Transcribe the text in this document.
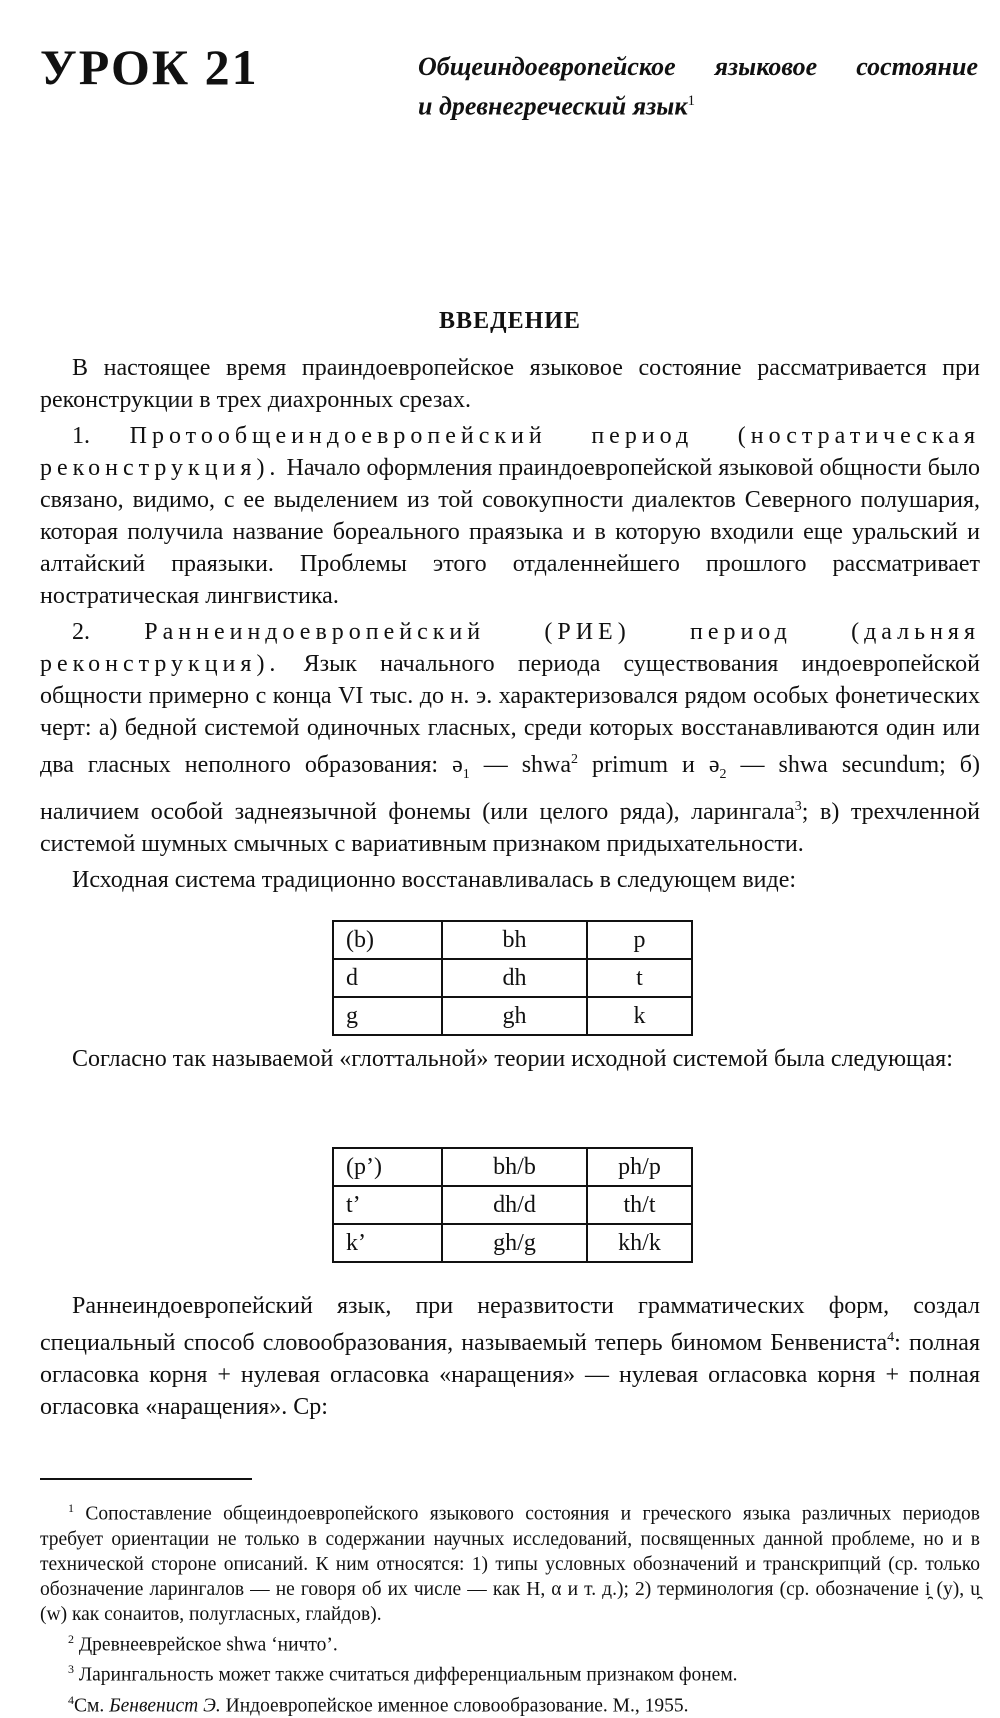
УРОК 21	Общеиндоевропейское языковое состояние
и древнегреческий язык$^1$
ВВЕДЕНИЕ

В настоящее время праиндоевропейское языковое состояние рассматривается при реконструкции в трех диахронных срезах.

1. Протообщеиндоевропейский период (ностратическая реконструкция). Начало оформления праиндоевропейской языковой общности было связано, видимо, с ее выделением из той совокупности диалектов Северного полушария, которая получила название бореального праязыка и в которую входили еще уральский и алтайский праязыки. Проблемы этого отдаленнейшего прошлого рассматривает ностратическая лингвистика.

2. Раннеиндоевропейский (РИЕ) период (дальняя реконструкция). Язык начального периода существования индоевропейской общности примерно с конца VI тыс. до н. э. характеризовался рядом особых фонетических черт: а) бедной системой одиночных гласных, среди которых восстанавливаются один или два гласных неполного образования: ə$_1$ — shwa$^2$ primum и ə$_2$ — shwa secundum; б) наличием особой заднеязычной фонемы (или целого ряда), ларингала$^3$; в) трехчленной системой шумных смычных с вариативным признаком придыхательности.

Исходная система традиционно восстанавливалась в следующем виде:

(b)	bh	p
d	dh	t
g	gh	k

Согласно так называемой «глоттальной» теории исходной системой была следующая:

(p’)	bh/b	ph/p
t’	dh/d	th/t
k’	gh/g	kh/k

Раннеиндоевропейский язык, при неразвитости грамматических форм, создал специальный способ словообразования, называемый теперь биномом Бенвениста$^4$: полная огласовка корня + нулевая огласовка «наращения» — нулевая огласовка корня + полная огласовка «наращения». Ср:

$^1$ Сопоставление общеиндоевропейского языкового состояния и греческого языка различных периодов требует ориентации не только в содержании научных исследований, посвященных данной проблеме, но и в технической стороне описаний. К ним относятся: 1) типы условных обозначений и транскрипций (ср. только обозначение ларингалов — не говоря об их числе — как Н, α и т. д.); 2) терминология (ср. обозначение i̯ (у), u̯ (w) как сонаитов, полугласных, глайдов).

$^2$ Древнееврейское shwa ‘ничто’.

$^3$ Ларингальность может также считаться дифференциальным признаком фонем.

$^4$См. Бенвенист Э. Индоевропейское именное словообразование. М., 1955.
